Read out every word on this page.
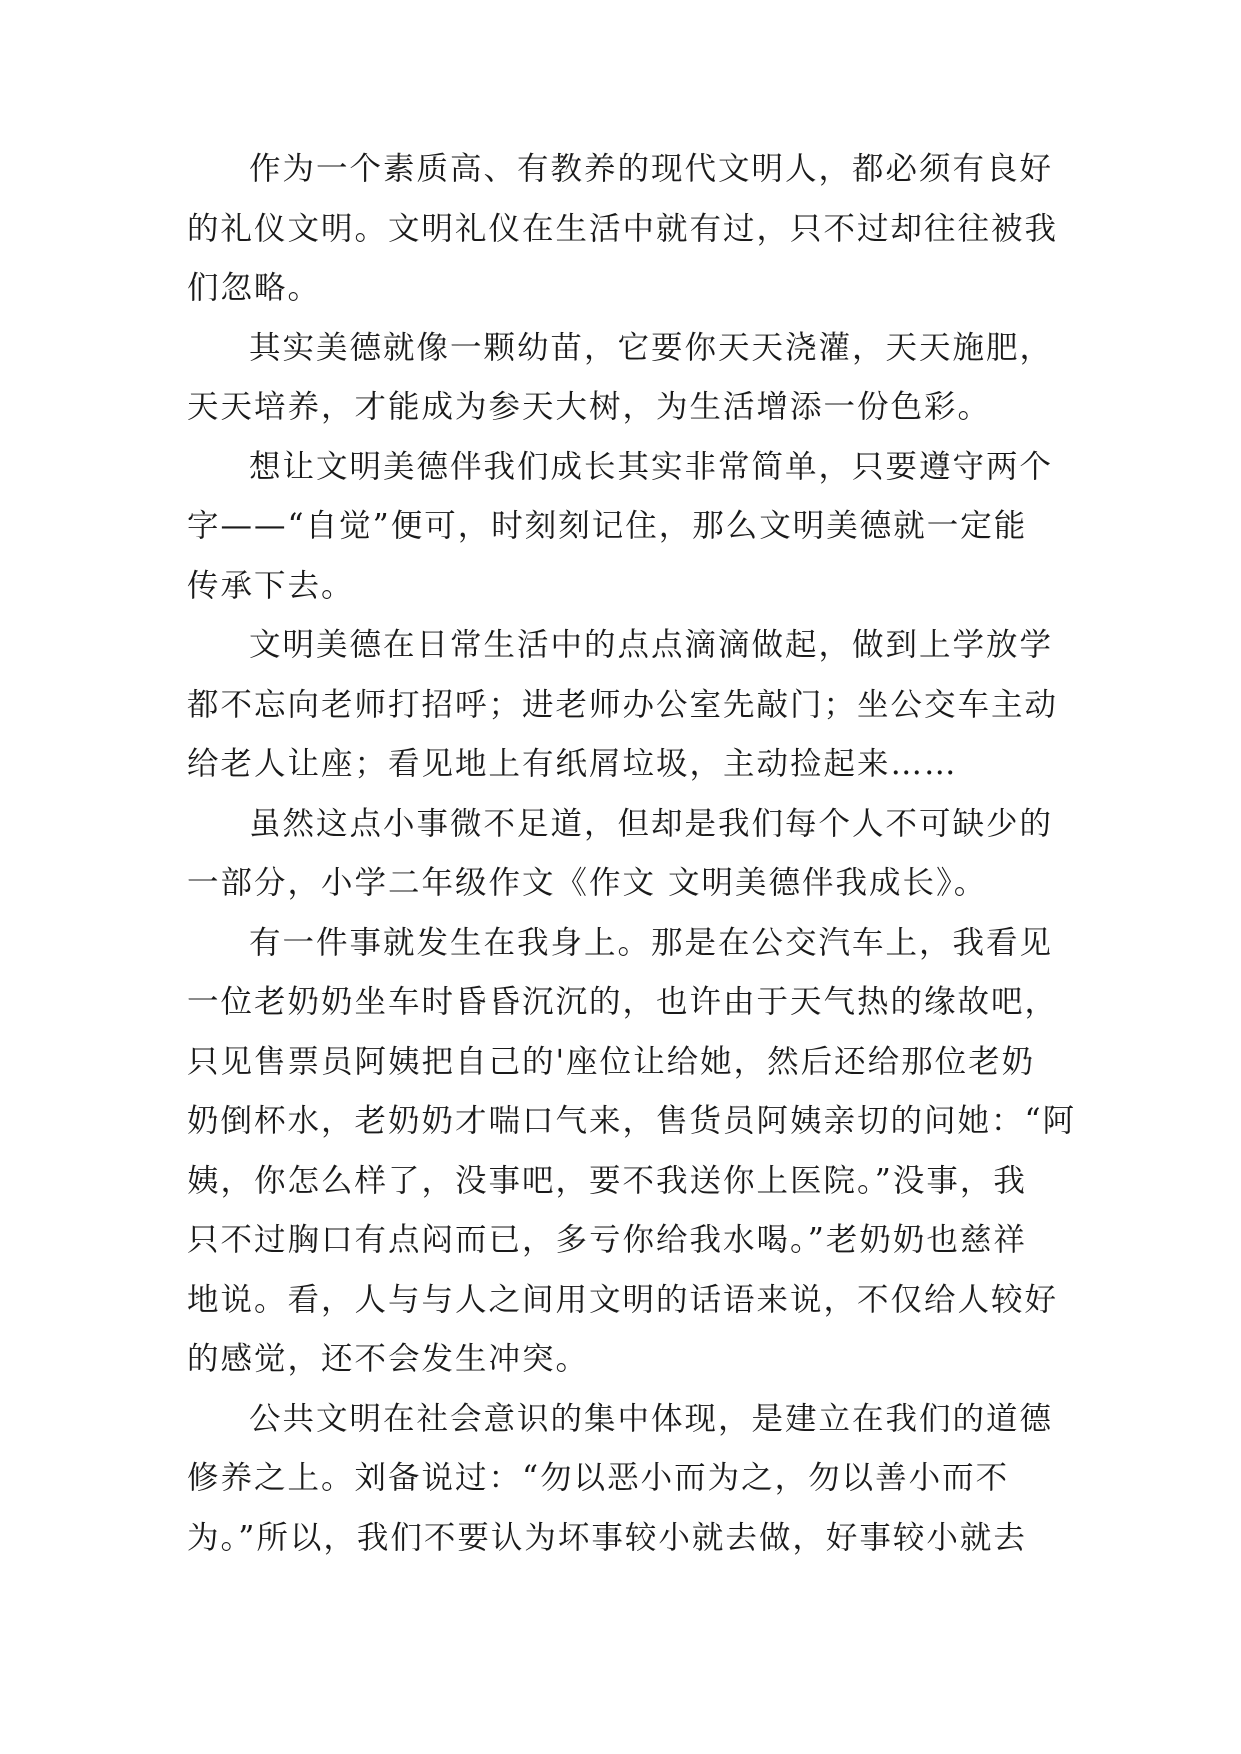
作为一个素质高、有教养的现代文明人，都必须有良好
的礼仪文明。文明礼仪在生活中就有过，只不过却往往被我
们忽略。
其实美德就像一颗幼苗，它要你天天浇灌，天天施肥，
天天培养，才能成为参天大树，为生活增添一份色彩。
想让文明美德伴我们成长其实非常简单，只要遵守两个
字——“自觉”便可，时刻刻记住，那么文明美德就一定能
传承下去。
文明美德在日常生活中的点点滴滴做起，做到上学放学
都不忘向老师打招呼；进老师办公室先敲门；坐公交车主动
给老人让座；看见地上有纸屑垃圾，主动捡起来……
虽然这点小事微不足道，但却是我们每个人不可缺少的
一部分，小学二年级作文《作文 文明美德伴我成长》。
有一件事就发生在我身上。那是在公交汽车上，我看见
一位老奶奶坐车时昏昏沉沉的，也许由于天气热的缘故吧，
只见售票员阿姨把自己的'座位让给她，然后还给那位老奶
奶倒杯水，老奶奶才喘口气来，售货员阿姨亲切的问她：“阿
姨，你怎么样了，没事吧，要不我送你上医院。”没事，我
只不过胸口有点闷而已，多亏你给我水喝。”老奶奶也慈祥
地说。看，人与与人之间用文明的话语来说，不仅给人较好
的感觉，还不会发生冲突。
公共文明在社会意识的集中体现，是建立在我们的道德
修养之上。刘备说过：“勿以恶小而为之，勿以善小而不
为。”所以，我们不要认为坏事较小就去做，好事较小就去
